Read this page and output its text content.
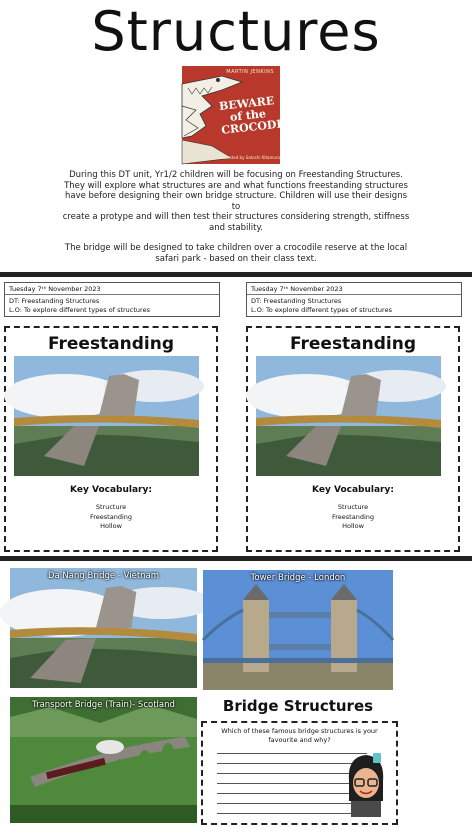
Structures
MARTIN JENKINS
BEWARE of the CROCODILE
Illustrated by Satoshi Kitamura
During this DT unit, Yr1/2 children will be focusing on Freestanding Structures.
They will explore what structures are and what functions freestanding structures
have before designing their own bridge structure. Children will use their designs to
create a protype and will then test their structures considering strength, stiffness
and stability.
The bridge will be designed to take children over a crocodile reserve at the local
safari park - based on their class text.
Tuesday 7ᵗʰ November 2023
DT: Freestanding Structures
L.O: To explore different types of structures
Freestanding
Key Vocabulary:
Structure
Freestanding
Hollow
Tuesday 7ᵗʰ November 2023
DT: Freestanding Structures
L.O: To explore different types of structures
Freestanding
Key Vocabulary:
Structure
Freestanding
Hollow
Da Nang Bridge - Vietnam	Tower Bridge - London
Transport Bridge (Train)- Scotland	Bridge Structures
Which of these famous bridge structures is your
favourite and why?
